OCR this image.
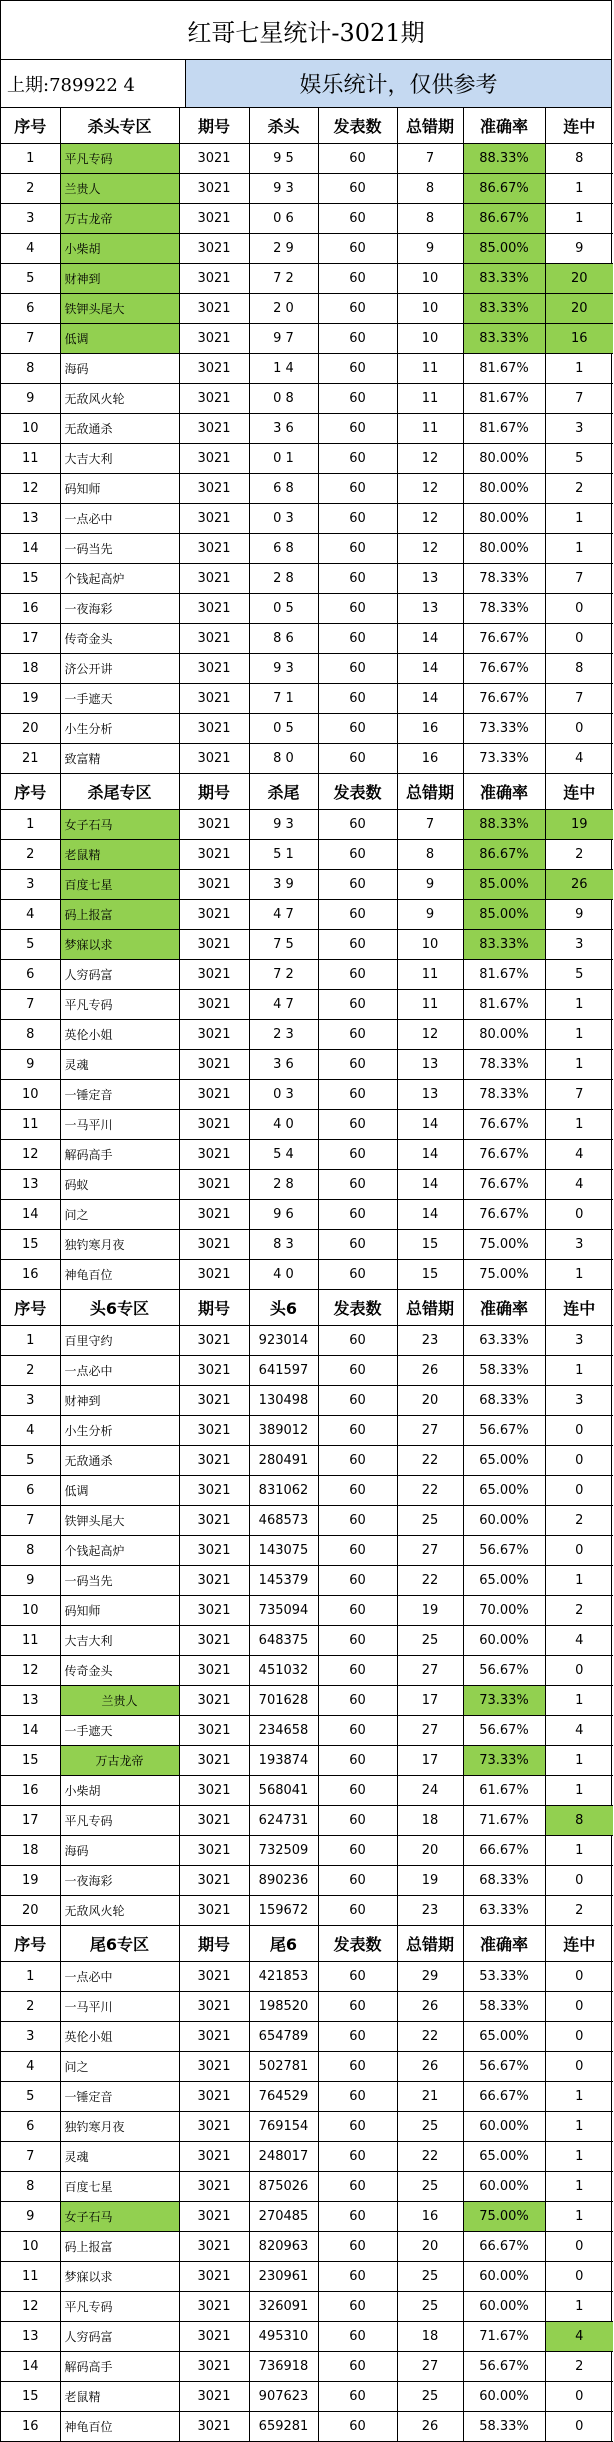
红哥七星统计-3021期
上期:789922 4	娱乐统计，仅供参考
序号	杀头专区	期号	杀头	发表数	总错期	准确率	连中
1	平凡专码	3021	9 5	60	7	88.33%	8
2	兰贵人	3021	9 3	60	8	86.67%	1
3	万古龙帝	3021	0 6	60	8	86.67%	1
4	小柴胡	3021	2 9	60	9	85.00%	9
5	财神到	3021	7 2	60	10	83.33%	20
6	铁钾头尾大	3021	2 0	60	10	83.33%	20
7	低调	3021	9 7	60	10	83.33%	16
8	海码	3021	1 4	60	11	81.67%	1
9	无敌风火轮	3021	0 8	60	11	81.67%	7
10	无敌通杀	3021	3 6	60	11	81.67%	3
11	大吉大利	3021	0 1	60	12	80.00%	5
12	码知师	3021	6 8	60	12	80.00%	2
13	一点必中	3021	0 3	60	12	80.00%	1
14	一码当先	3021	6 8	60	12	80.00%	1
15	个钱起高炉	3021	2 8	60	13	78.33%	7
16	一夜海彩	3021	0 5	60	13	78.33%	0
17	传奇金头	3021	8 6	60	14	76.67%	0
18	济公开讲	3021	9 3	60	14	76.67%	8
19	一手遮天	3021	7 1	60	14	76.67%	7
20	小生分析	3021	0 5	60	16	73.33%	0
21	致富精	3021	8 0	60	16	73.33%	4
序号	杀尾专区	期号	杀尾	发表数	总错期	准确率	连中
1	女子石马	3021	9 3	60	7	88.33%	19
2	老鼠精	3021	5 1	60	8	86.67%	2
3	百度七星	3021	3 9	60	9	85.00%	26
4	码上报富	3021	4 7	60	9	85.00%	9
5	梦寐以求	3021	7 5	60	10	83.33%	3
6	人穷码富	3021	7 2	60	11	81.67%	5
7	平凡专码	3021	4 7	60	11	81.67%	1
8	英伦小姐	3021	2 3	60	12	80.00%	1
9	灵魂	3021	3 6	60	13	78.33%	1
10	一锤定音	3021	0 3	60	13	78.33%	7
11	一马平川	3021	4 0	60	14	76.67%	1
12	解码高手	3021	5 4	60	14	76.67%	4
13	码蚁	3021	2 8	60	14	76.67%	4
14	问之	3021	9 6	60	14	76.67%	0
15	独钓寒月夜	3021	8 3	60	15	75.00%	3
16	神龟百位	3021	4 0	60	15	75.00%	1
序号	头6专区	期号	头6	发表数	总错期	准确率	连中
1	百里守约	3021	923014	60	23	63.33%	3
2	一点必中	3021	641597	60	26	58.33%	1
3	财神到	3021	130498	60	20	68.33%	3
4	小生分析	3021	389012	60	27	56.67%	0
5	无敌通杀	3021	280491	60	22	65.00%	0
6	低调	3021	831062	60	22	65.00%	0
7	铁钾头尾大	3021	468573	60	25	60.00%	2
8	个钱起高炉	3021	143075	60	27	56.67%	0
9	一码当先	3021	145379	60	22	65.00%	1
10	码知师	3021	735094	60	19	70.00%	2
11	大吉大利	3021	648375	60	25	60.00%	4
12	传奇金头	3021	451032	60	27	56.67%	0
13	兰贵人	3021	701628	60	17	73.33%	1
14	一手遮天	3021	234658	60	27	56.67%	4
15	万古龙帝	3021	193874	60	17	73.33%	1
16	小柴胡	3021	568041	60	24	61.67%	1
17	平凡专码	3021	624731	60	18	71.67%	8
18	海码	3021	732509	60	20	66.67%	1
19	一夜海彩	3021	890236	60	19	68.33%	0
20	无敌风火轮	3021	159672	60	23	63.33%	2
序号	尾6专区	期号	尾6	发表数	总错期	准确率	连中
1	一点必中	3021	421853	60	29	53.33%	0
2	一马平川	3021	198520	60	26	58.33%	0
3	英伦小姐	3021	654789	60	22	65.00%	0
4	问之	3021	502781	60	26	56.67%	0
5	一锤定音	3021	764529	60	21	66.67%	1
6	独钓寒月夜	3021	769154	60	25	60.00%	1
7	灵魂	3021	248017	60	22	65.00%	1
8	百度七星	3021	875026	60	25	60.00%	1
9	女子石马	3021	270485	60	16	75.00%	1
10	码上报富	3021	820963	60	20	66.67%	0
11	梦寐以求	3021	230961	60	25	60.00%	0
12	平凡专码	3021	326091	60	25	60.00%	1
13	人穷码富	3021	495310	60	18	71.67%	4
14	解码高手	3021	736918	60	27	56.67%	2
15	老鼠精	3021	907623	60	25	60.00%	0
16	神龟百位	3021	659281	60	26	58.33%	0
